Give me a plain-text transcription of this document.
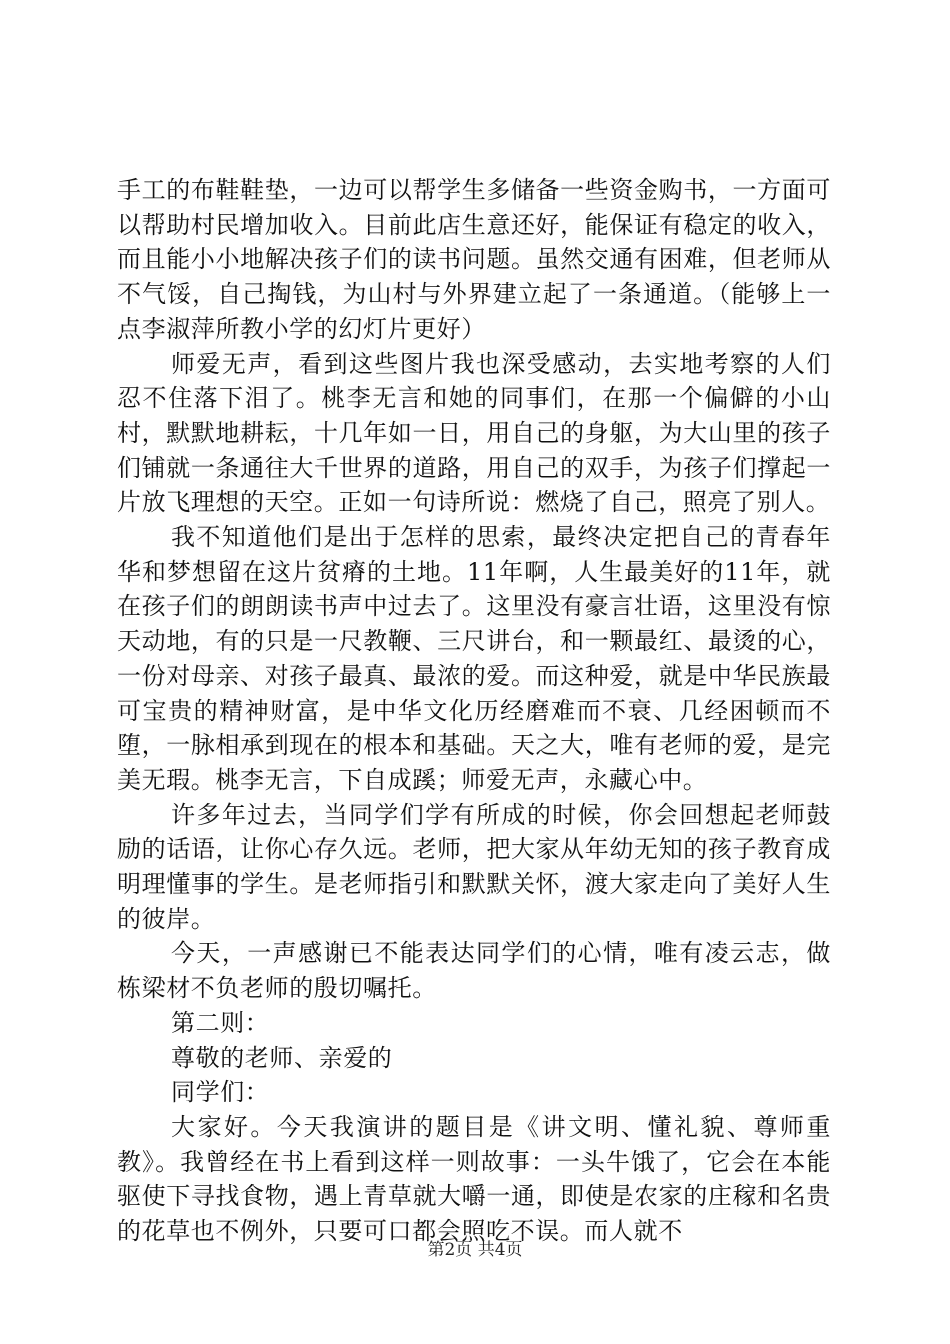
手工的布鞋鞋垫，一边可以帮学生多储备一些资金购书，一方面可以帮助村民增加收入。目前此店生意还好，能保证有稳定的收入，而且能小小地解决孩子们的读书问题。虽然交通有困难，但老师从不气馁，自己掏钱，为山村与外界建立起了一条通道。（能够上一点李淑萍所教小学的幻灯片更好）

师爱无声，看到这些图片我也深受感动，去实地考察的人们忍不住落下泪了。桃李无言和她的同事们，在那一个偏僻的小山村，默默地耕耘，十几年如一日，用自己的身躯，为大山里的孩子们铺就一条通往大千世界的道路，用自己的双手，为孩子们撑起一片放飞理想的天空。正如一句诗所说：燃烧了自己，照亮了别人。

我不知道他们是出于怎样的思索，最终决定把自己的青春年华和梦想留在这片贫瘠的土地。11年啊，人生最美好的11年，就在孩子们的朗朗读书声中过去了。这里没有豪言壮语，这里没有惊天动地，有的只是一尺教鞭、三尺讲台，和一颗最红、最烫的心，一份对母亲、对孩子最真、最浓的爱。而这种爱，就是中华民族最可宝贵的精神财富，是中华文化历经磨难而不衰、几经困顿而不堕，一脉相承到现在的根本和基础。天之大，唯有老师的爱，是完美无瑕。桃李无言，下自成蹊；师爱无声，永藏心中。

许多年过去，当同学们学有所成的时候，你会回想起老师鼓励的话语，让你心存久远。老师，把大家从年幼无知的孩子教育成明理懂事的学生。是老师指引和默默关怀，渡大家走向了美好人生的彼岸。

今天，一声感谢已不能表达同学们的心情，唯有凌云志，做栋梁材不负老师的殷切嘱托。

第二则：

尊敬的老师、亲爱的

同学们：

大家好。今天我演讲的题目是《讲文明、懂礼貌、尊师重教》。我曾经在书上看到这样一则故事：一头牛饿了，它会在本能驱使下寻找食物，遇上青草就大嚼一通，即使是农家的庄稼和名贵的花草也不例外，只要可口都会照吃不误。而人就不

第2页 共4页
